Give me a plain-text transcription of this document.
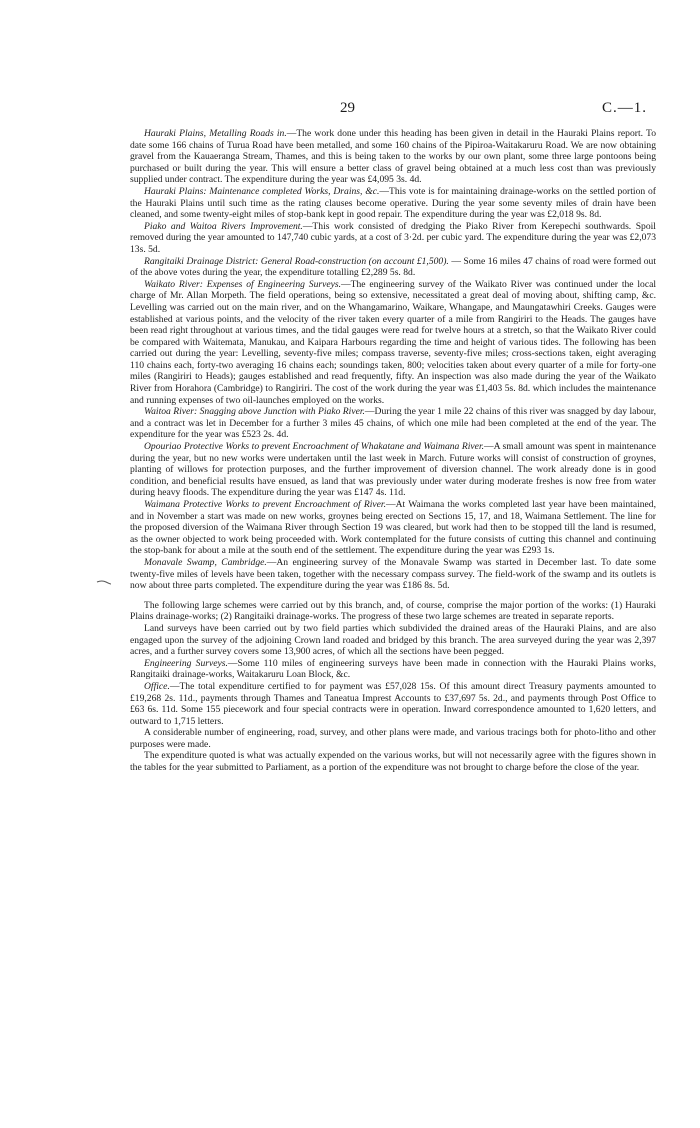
29	C.—1.

Hauraki Plains, Metalling Roads in.—The work done under this heading has been given in detail in the Hauraki Plains report. To date some 166 chains of Turua Road have been metalled, and some 160 chains of the Pipiroa-Waitakaruru Road. We are now obtaining gravel from the Kauaeranga Stream, Thames, and this is being taken to the works by our own plant, some three large pontoons being purchased or built during the year. This will ensure a better class of gravel being obtained at a much less cost than was previously supplied under contract. The expenditure during the year was £4,095 3s. 4d.

Hauraki Plains: Maintenance completed Works, Drains, &c.—This vote is for maintaining drainage-works on the settled portion of the Hauraki Plains until such time as the rating clauses become operative. During the year some seventy miles of drain have been cleaned, and some twenty-eight miles of stop-bank kept in good repair. The expenditure during the year was £2,018 9s. 8d.

Piako and Waitoa Rivers Improvement.—This work consisted of dredging the Piako River from Kerepechi southwards. Spoil removed during the year amounted to 147,740 cubic yards, at a cost of 3·2d. per cubic yard. The expenditure during the year was £2,073 13s. 5d.

Rangitaiki Drainage District: General Road-construction (on account £1,500). — Some 16 miles 47 chains of road were formed out of the above votes during the year, the expenditure totalling £2,289 5s. 8d.

Waikato River: Expenses of Engineering Surveys.—The engineering survey of the Waikato River was continued under the local charge of Mr. Allan Morpeth. The field operations, being so extensive, necessitated a great deal of moving about, shifting camp, &c. Levelling was carried out on the main river, and on the Whangamarino, Waikare, Whangape, and Maungatawhiri Creeks. Gauges were established at various points, and the velocity of the river taken every quarter of a mile from Rangiriri to the Heads. The gauges have been read right throughout at various times, and the tidal gauges were read for twelve hours at a stretch, so that the Waikato River could be compared with Waitemata, Manukau, and Kaipara Harbours regarding the time and height of various tides. The following has been carried out during the year: Levelling, seventy-five miles; compass traverse, seventy-five miles; cross-sections taken, eight averaging 110 chains each, forty-two averaging 16 chains each; soundings taken, 800; velocities taken about every quarter of a mile for forty-one miles (Rangiriri to Heads); gauges established and read frequently, fifty. An inspection was also made during the year of the Waikato River from Horahora (Cambridge) to Rangiriri. The cost of the work during the year was £1,403 5s. 8d. which includes the maintenance and running expenses of two oil-launches employed on the works.

Waitoa River: Snagging above Junction with Piako River.—During the year 1 mile 22 chains of this river was snagged by day labour, and a contract was let in December for a further 3 miles 45 chains, of which one mile had been completed at the end of the year. The expenditure for the year was £523 2s. 4d.

Opouriao Protective Works to prevent Encroachment of Whakatane and Waimana River.—A small amount was spent in maintenance during the year, but no new works were undertaken until the last week in March. Future works will consist of construction of groynes, planting of willows for protection purposes, and the further improvement of diversion channel. The work already done is in good condition, and beneficial results have ensued, as land that was previously under water during moderate freshes is now free from water during heavy floods. The expenditure during the year was £147 4s. 11d.

Waimana Protective Works to prevent Encroachment of River.—At Waimana the works completed last year have been maintained, and in November a start was made on new works, groynes being erected on Sections 15, 17, and 18, Waimana Settlement. The line for the proposed diversion of the Waimana River through Section 19 was cleared, but work had then to be stopped till the land is resumed, as the owner objected to work being proceeded with. Work contemplated for the future consists of cutting this channel and continuing the stop-bank for about a mile at the south end of the settlement. The expenditure during the year was £293 1s.

Monavale Swamp, Cambridge.—An engineering survey of the Monavale Swamp was started in December last. To date some twenty-five miles of levels have been taken, together with the necessary compass survey. The field-work of the swamp and its outlets is now about three parts completed. The expenditure during the year was £186 8s. 5d.

The following large schemes were carried out by this branch, and, of course, comprise the major portion of the works: (1) Hauraki Plains drainage-works; (2) Rangitaiki drainage-works. The progress of these two large schemes are treated in separate reports.

Land surveys have been carried out by two field parties which subdivided the drained areas of the Hauraki Plains, and are also engaged upon the survey of the adjoining Crown land roaded and bridged by this branch. The area surveyed during the year was 2,397 acres, and a further survey covers some 13,900 acres, of which all the sections have been pegged.

Engineering Surveys.—Some 110 miles of engineering surveys have been made in connection with the Hauraki Plains works, Rangitaiki drainage-works, Waitakaruru Loan Block, &c.

Office.—The total expenditure certified to for payment was £57,028 15s. Of this amount direct Treasury payments amounted to £19,268 2s. 11d., payments through Thames and Taneatua Imprest Accounts to £37,697 5s. 2d., and payments through Post Office to £63 6s. 11d. Some 155 piecework and four special contracts were in operation. Inward correspondence amounted to 1,620 letters, and outward to 1,715 letters.

A considerable number of engineering, road, survey, and other plans were made, and various tracings both for photo-litho and other purposes were made.

The expenditure quoted is what was actually expended on the various works, but will not necessarily agree with the figures shown in the tables for the year submitted to Parliament, as a portion of the expenditure was not brought to charge before the close of the year.
